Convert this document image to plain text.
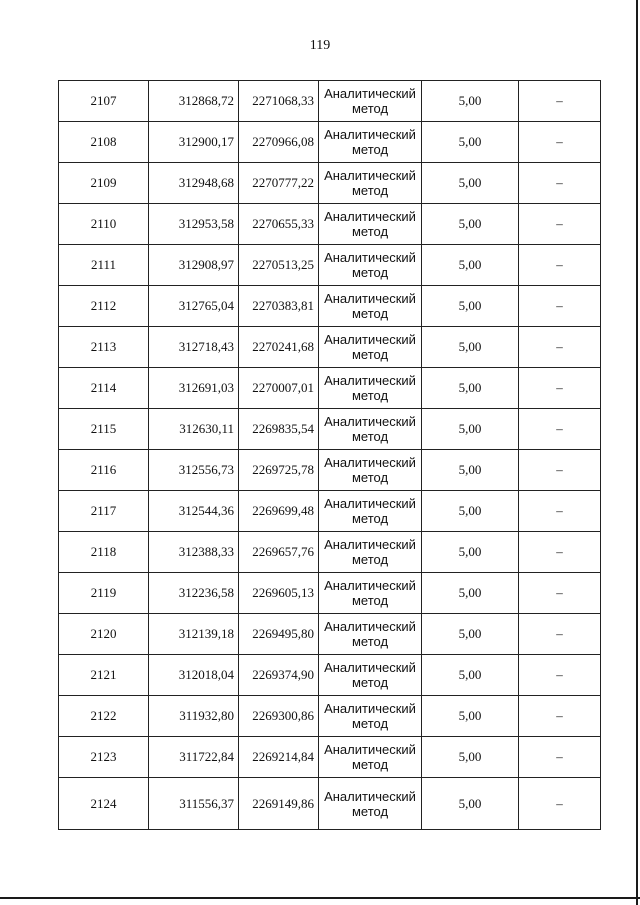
119
2107	312868,72	2271068,33	Аналитический
метод	5,00	–
2108	312900,17	2270966,08	Аналитический
метод	5,00	–
2109	312948,68	2270777,22	Аналитический
метод	5,00	–
2110	312953,58	2270655,33	Аналитический
метод	5,00	–
2111	312908,97	2270513,25	Аналитический
метод	5,00	–
2112	312765,04	2270383,81	Аналитический
метод	5,00	–
2113	312718,43	2270241,68	Аналитический
метод	5,00	–
2114	312691,03	2270007,01	Аналитический
метод	5,00	–
2115	312630,11	2269835,54	Аналитический
метод	5,00	–
2116	312556,73	2269725,78	Аналитический
метод	5,00	–
2117	312544,36	2269699,48	Аналитический
метод	5,00	–
2118	312388,33	2269657,76	Аналитический
метод	5,00	–
2119	312236,58	2269605,13	Аналитический
метод	5,00	–
2120	312139,18	2269495,80	Аналитический
метод	5,00	–
2121	312018,04	2269374,90	Аналитический
метод	5,00	–
2122	311932,80	2269300,86	Аналитический
метод	5,00	–
2123	311722,84	2269214,84	Аналитический
метод	5,00	–
2124	311556,37	2269149,86	Аналитический
метод	5,00	–
